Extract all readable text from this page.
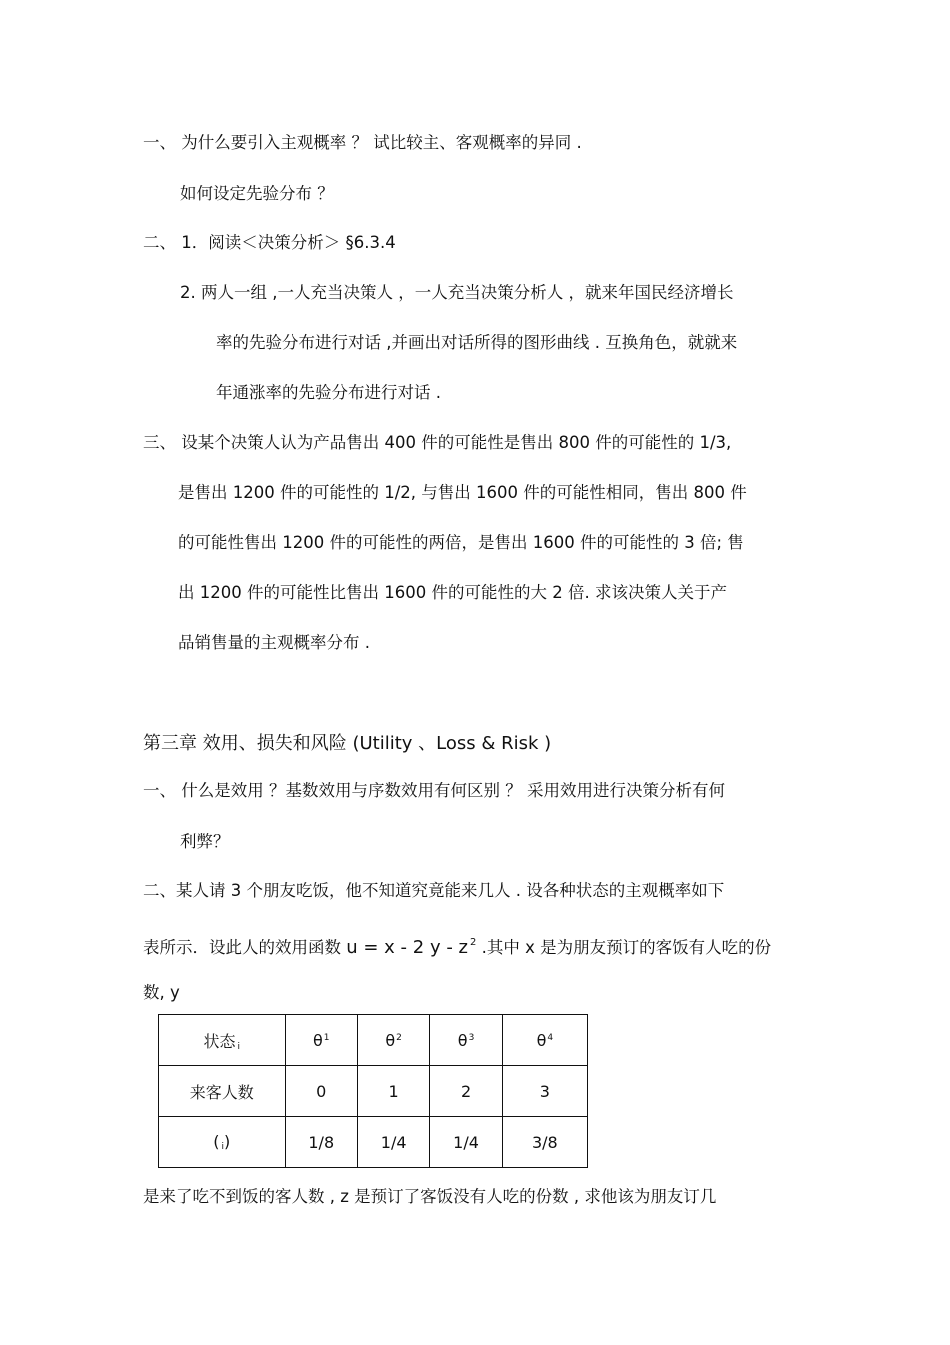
一、 为什么要引入主观概率 ？ 试比较主、客观概率的异同 .
如何设定先验分布 ？
二、 1．阅读＜决策分析＞ §6.3.4
2. 两人一组 ,一人充当决策人 ，一人充当决策分析人 ，就来年国民经济增长
率的先验分布进行对话 ,并画出对话所得的图形曲线 . 互换角色，就就来
年通涨率的先验分布进行对话 .
三、 设某个决策人认为产品售出 400 件的可能性是售出 800 件的可能性的 1/3,
是售出 1200 件的可能性的 1/2, 与售出 1600 件的可能性相同，售出 800 件
的可能性售出 1200 件的可能性的两倍，是售出 1600 件的可能性的 3 倍; 售
出 1200 件的可能性比售出 1600 件的可能性的大 2 倍. 求该决策人关于产
品销售量的主观概率分布 .
第三章 效用、损失和风险 (Utility 、Loss & Risk )
一、 什么是效用 ？基数效用与序数效用有何区别 ？ 采用效用进行决策分析有何
利弊？
二、某人请 3 个朋友吃饭，他不知道究竟能来几人 . 设各种状态的主观概率如下
表所示．设此人的效用函数 u = x - 2 y - z $^2$ .其中 x 是为朋友预订的客饭有人吃的份
数, y
状态 $_i$	$\theta^1$	$\theta^2$	$\theta^3$	$\theta^4$
来客人数	0	1	2	3
( $_i$)	1/8	1/4	1/4	3/8
是来了吃不到饭的客人数 , z 是预订了客饭没有人吃的份数 , 求他该为朋友订几
